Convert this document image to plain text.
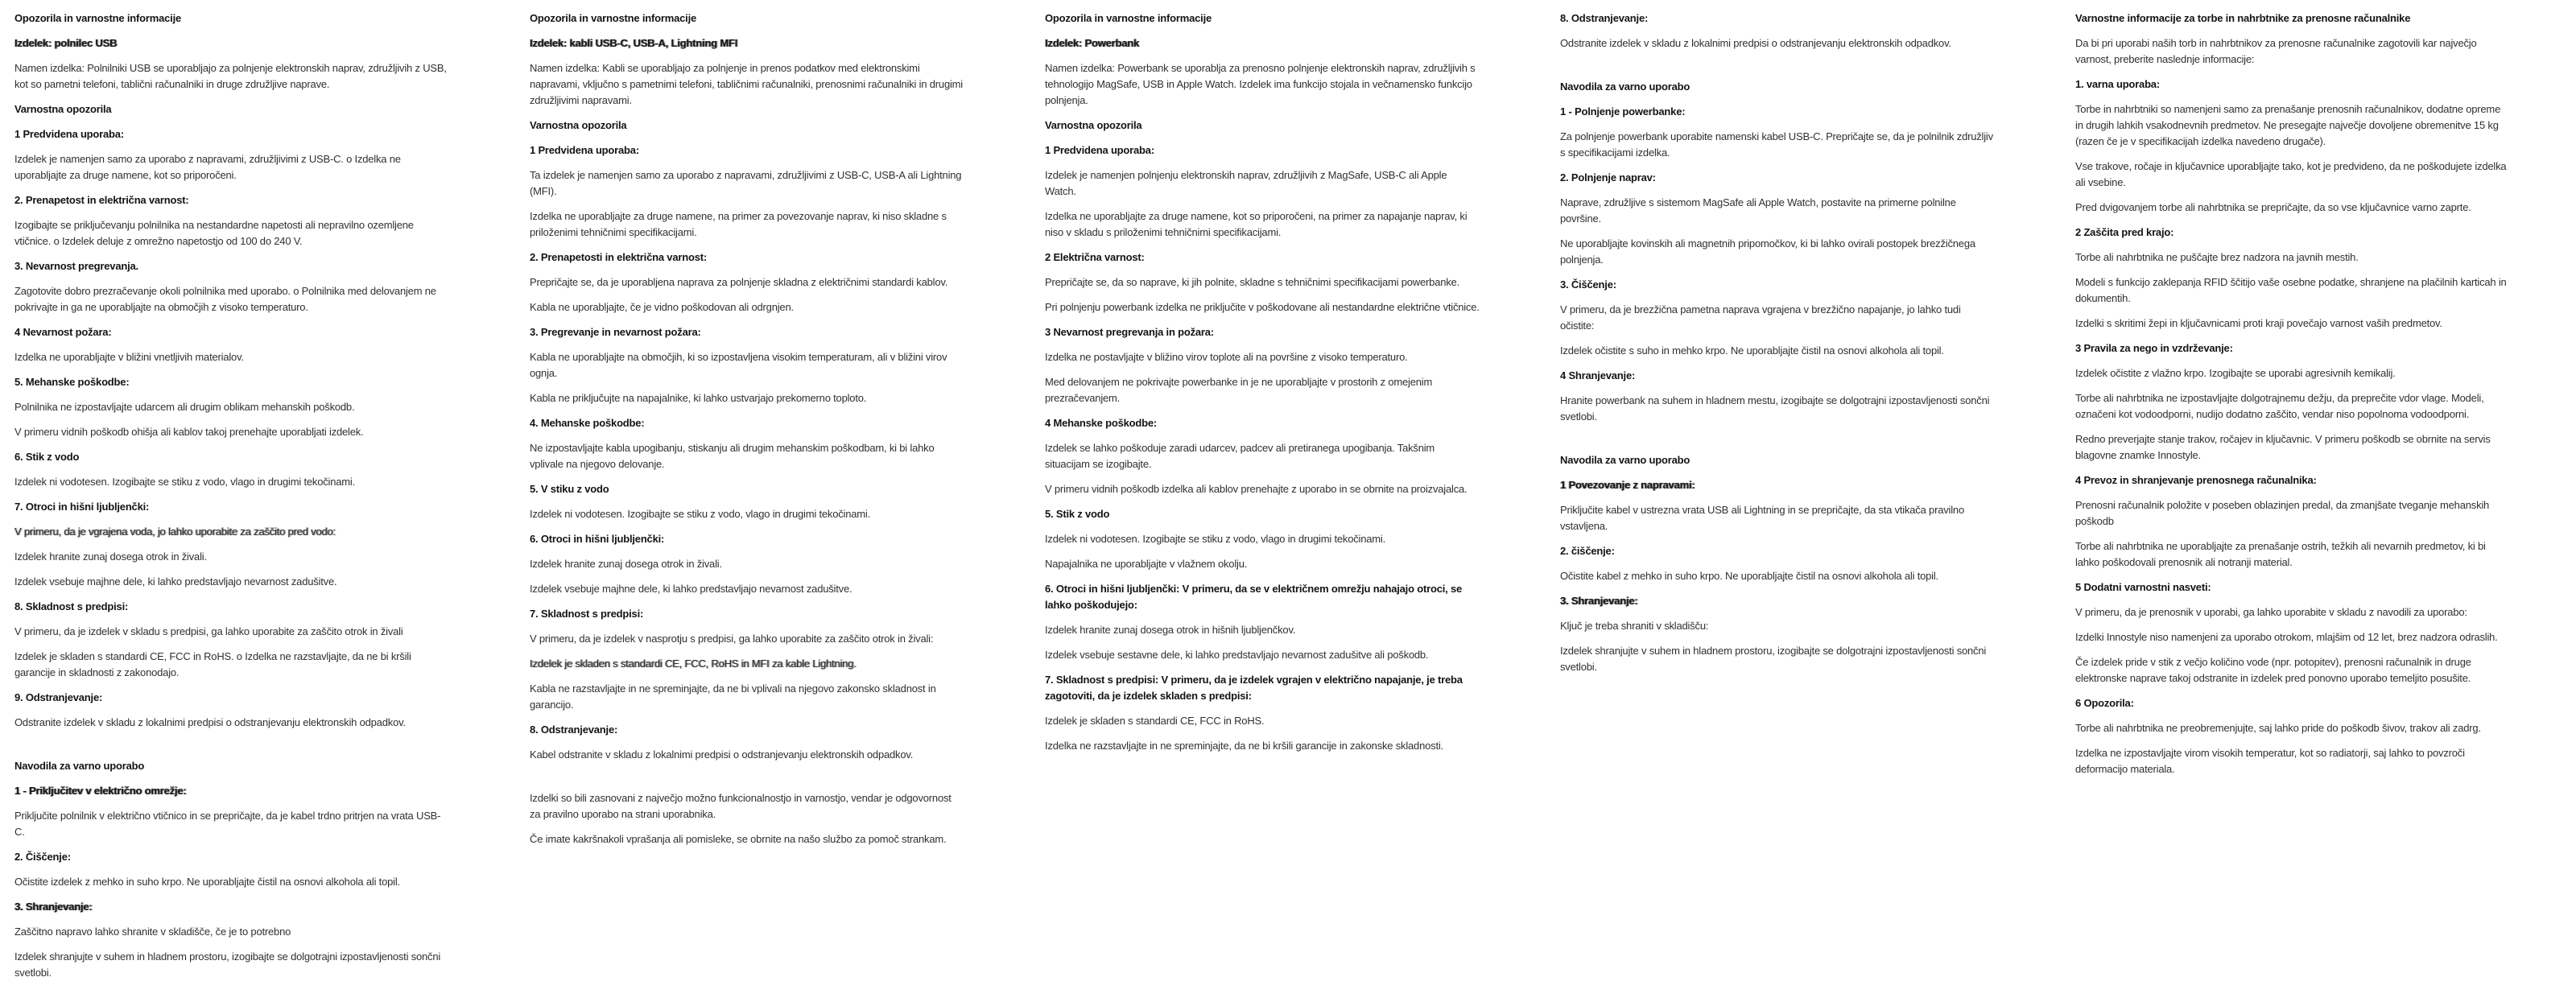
Opozorila in varnostne informacije
Izdelek: polnilec USB
Namen izdelka: Polnilniki USB se uporabljajo za polnjenje elektronskih naprav, združljivih z USB, kot so pametni telefoni, tablični računalniki in druge združljive naprave.
Varnostna opozorila
1 Predvidena uporaba:
Izdelek je namenjen samo za uporabo z napravami, združljivimi z USB-C. o Izdelka ne uporabljajte za druge namene, kot so priporočeni.
2. Prenapetost in električna varnost:
Izogibajte se priključevanju polnilnika na nestandardne napetosti ali nepravilno ozemljene vtičnice. o Izdelek deluje z omrežno napetostjo od 100 do 240 V.
3. Nevarnost pregrevanja.
Zagotovite dobro prezračevanje okoli polnilnika med uporabo. o Polnilnika med delovanjem ne pokrivajte in ga ne uporabljajte na območjih z visoko temperaturo.
4 Nevarnost požara:
Izdelka ne uporabljajte v bližini vnetljivih materialov.
5. Mehanske poškodbe:
Polnilnika ne izpostavljajte udarcem ali drugim oblikam mehanskih poškodb.
V primeru vidnih poškodb ohišja ali kablov takoj prenehajte uporabljati izdelek.
6. Stik z vodo
Izdelek ni vodotesen. Izogibajte se stiku z vodo, vlago in drugimi tekočinami.
7. Otroci in hišni ljubljenčki:
V primeru, da je vgrajena voda, jo lahko uporabite za zaščito pred vodo:
Izdelek hranite zunaj dosega otrok in živali.
Izdelek vsebuje majhne dele, ki lahko predstavljajo nevarnost zadušitve.
8. Skladnost s predpisi:
V primeru, da je izdelek v skladu s predpisi, ga lahko uporabite za zaščito otrok in živali
Izdelek je skladen s standardi CE, FCC in RoHS. o Izdelka ne razstavljajte, da ne bi kršili garancije in skladnosti z zakonodajo.
9. Odstranjevanje:
Odstranite izdelek v skladu z lokalnimi predpisi o odstranjevanju elektronskih odpadkov.
Navodila za varno uporabo
1 - Priključitev v električno omrežje:
Priključite polnilnik v električno vtičnico in se prepričajte, da je kabel trdno pritrjen na vrata USB-C.
2. Čiščenje:
Očistite izdelek z mehko in suho krpo. Ne uporabljajte čistil na osnovi alkohola ali topil.
3. Shranjevanje:
Zaščitno napravo lahko shranite v skladišče, če je to potrebno
Izdelek shranjujte v suhem in hladnem prostoru, izogibajte se dolgotrajni izpostavljenosti sončni svetlobi.
Opozorila in varnostne informacije
Izdelek: kabli USB-C, USB-A, Lightning MFI
Namen izdelka: Kabli se uporabljajo za polnjenje in prenos podatkov med elektronskimi napravami, vključno s pametnimi telefoni, tabličnimi računalniki, prenosnimi računalniki in drugimi združljivimi napravami.
Varnostna opozorila
1 Predvidena uporaba:
Ta izdelek je namenjen samo za uporabo z napravami, združljivimi z USB-C, USB-A ali Lightning (MFI).
Izdelka ne uporabljajte za druge namene, na primer za povezovanje naprav, ki niso skladne s priloženimi tehničnimi specifikacijami.
2. Prenapetosti in električna varnost:
Prepričajte se, da je uporabljena naprava za polnjenje skladna z električnimi standardi kablov.
Kabla ne uporabljajte, če je vidno poškodovan ali odrgnjen.
3. Pregrevanje in nevarnost požara:
Kabla ne uporabljajte na območjih, ki so izpostavljena visokim temperaturam, ali v bližini virov ognja.
Kabla ne priključujte na napajalnike, ki lahko ustvarjajo prekomerno toploto.
4. Mehanske poškodbe:
Ne izpostavljajte kabla upogibanju, stiskanju ali drugim mehanskim poškodbam, ki bi lahko vplivale na njegovo delovanje.
5. V stiku z vodo
Izdelek ni vodotesen. Izogibajte se stiku z vodo, vlago in drugimi tekočinami.
6. Otroci in hišni ljubljenčki:
Izdelek hranite zunaj dosega otrok in živali.
Izdelek vsebuje majhne dele, ki lahko predstavljajo nevarnost zadušitve.
7. Skladnost s predpisi:
V primeru, da je izdelek v nasprotju s predpisi, ga lahko uporabite za zaščito otrok in živali:
Izdelek je skladen s standardi CE, FCC, RoHS in MFI za kable Lightning.
Kabla ne razstavljajte in ne spreminjajte, da ne bi vplivali na njegovo zakonsko skladnost in garancijo.
8. Odstranjevanje:
Kabel odstranite v skladu z lokalnimi predpisi o odstranjevanju elektronskih odpadkov.
Izdelki so bili zasnovani z največjo možno funkcionalnostjo in varnostjo, vendar je odgovornost za pravilno uporabo na strani uporabnika.
Če imate kakršnakoli vprašanja ali pomisleke, se obrnite na našo službo za pomoč strankam.
Opozorila in varnostne informacije
Izdelek: Powerbank
Namen izdelka: Powerbank se uporablja za prenosno polnjenje elektronskih naprav, združljivih s tehnologijo MagSafe, USB in Apple Watch. Izdelek ima funkcijo stojala in večnamensko funkcijo polnjenja.
Varnostna opozorila
1 Predvidena uporaba:
Izdelek je namenjen polnjenju elektronskih naprav, združljivih z MagSafe, USB-C ali Apple Watch.
Izdelka ne uporabljajte za druge namene, kot so priporočeni, na primer za napajanje naprav, ki niso v skladu s priloženimi tehničnimi specifikacijami.
2 Električna varnost:
Prepričajte se, da so naprave, ki jih polnite, skladne s tehničnimi specifikacijami powerbanke.
Pri polnjenju powerbank izdelka ne priključite v poškodovane ali nestandardne električne vtičnice.
3 Nevarnost pregrevanja in požara:
Izdelka ne postavljajte v bližino virov toplote ali na površine z visoko temperaturo.
Med delovanjem ne pokrivajte powerbanke in je ne uporabljajte v prostorih z omejenim prezračevanjem.
4 Mehanske poškodbe:
Izdelek se lahko poškoduje zaradi udarcev, padcev ali pretiranega upogibanja. Takšnim situacijam se izogibajte.
V primeru vidnih poškodb izdelka ali kablov prenehajte z uporabo in se obrnite na proizvajalca.
5. Stik z vodo
Izdelek ni vodotesen. Izogibajte se stiku z vodo, vlago in drugimi tekočinami.
Napajalnika ne uporabljajte v vlažnem okolju.
6. Otroci in hišni ljubljenčki: V primeru, da se v električnem omrežju nahajajo otroci, se lahko poškodujejo:
Izdelek hranite zunaj dosega otrok in hišnih ljubljenčkov.
Izdelek vsebuje sestavne dele, ki lahko predstavljajo nevarnost zadušitve ali poškodb.
7. Skladnost s predpisi: V primeru, da je izdelek vgrajen v električno napajanje, je treba zagotoviti, da je izdelek skladen s predpisi:
Izdelek je skladen s standardi CE, FCC in RoHS.
Izdelka ne razstavljajte in ne spreminjajte, da ne bi kršili garancije in zakonske skladnosti.
8. Odstranjevanje:
Odstranite izdelek v skladu z lokalnimi predpisi o odstranjevanju elektronskih odpadkov.
Navodila za varno uporabo
1 - Polnjenje powerbanke:
Za polnjenje powerbank uporabite namenski kabel USB-C. Prepričajte se, da je polnilnik združljiv s specifikacijami izdelka.
2. Polnjenje naprav:
Naprave, združljive s sistemom MagSafe ali Apple Watch, postavite na primerne polnilne površine.
Ne uporabljajte kovinskih ali magnetnih pripomočkov, ki bi lahko ovirali postopek brezžičnega polnjenja.
3. Čiščenje:
V primeru, da je brezžična pametna naprava vgrajena v brezžično napajanje, jo lahko tudi očistite:
Izdelek očistite s suho in mehko krpo. Ne uporabljajte čistil na osnovi alkohola ali topil.
4 Shranjevanje:
Hranite powerbank na suhem in hladnem mestu, izogibajte se dolgotrajni izpostavljenosti sončni svetlobi.
Navodila za varno uporabo
1 Povezovanje z napravami:
Priključite kabel v ustrezna vrata USB ali Lightning in se prepričajte, da sta vtikača pravilno vstavljena.
2. čiščenje:
Očistite kabel z mehko in suho krpo. Ne uporabljajte čistil na osnovi alkohola ali topil.
3. Shranjevanje:
Ključ je treba shraniti v skladišču:
Izdelek shranjujte v suhem in hladnem prostoru, izogibajte se dolgotrajni izpostavljenosti sončni svetlobi.
Varnostne informacije za torbe in nahrbtnike za prenosne računalnike
Da bi pri uporabi naših torb in nahrbtnikov za prenosne računalnike zagotovili kar največjo varnost, preberite naslednje informacije:
1. varna uporaba:
Torbe in nahrbtniki so namenjeni samo za prenašanje prenosnih računalnikov, dodatne opreme in drugih lahkih vsakodnevnih predmetov. Ne presegajte največje dovoljene obremenitve 15 kg (razen če je v specifikacijah izdelka navedeno drugače).
Vse trakove, ročaje in ključavnice uporabljajte tako, kot je predvideno, da ne poškodujete izdelka ali vsebine.
Pred dvigovanjem torbe ali nahrbtnika se prepričajte, da so vse ključavnice varno zaprte.
2 Zaščita pred krajo:
Torbe ali nahrbtnika ne puščajte brez nadzora na javnih mestih.
Modeli s funkcijo zaklepanja RFID ščitijo vaše osebne podatke, shranjene na plačilnih karticah in dokumentih.
Izdelki s skritimi žepi in ključavnicami proti kraji povečajo varnost vaših predmetov.
3 Pravila za nego in vzdrževanje:
Izdelek očistite z vlažno krpo. Izogibajte se uporabi agresivnih kemikalij.
Torbe ali nahrbtnika ne izpostavljajte dolgotrajnemu dežju, da preprečite vdor vlage. Modeli, označeni kot vodoodporni, nudijo dodatno zaščito, vendar niso popolnoma vodoodporni.
Redno preverjajte stanje trakov, ročajev in ključavnic. V primeru poškodb se obrnite na servis blagovne znamke Innostyle.
4 Prevoz in shranjevanje prenosnega računalnika:
Prenosni računalnik položite v poseben oblazinjen predal, da zmanjšate tveganje mehanskih poškodb
Torbe ali nahrbtnika ne uporabljajte za prenašanje ostrih, težkih ali nevarnih predmetov, ki bi lahko poškodovali prenosnik ali notranji material.
5 Dodatni varnostni nasveti:
V primeru, da je prenosnik v uporabi, ga lahko uporabite v skladu z navodili za uporabo:
Izdelki Innostyle niso namenjeni za uporabo otrokom, mlajšim od 12 let, brez nadzora odraslih.
Če izdelek pride v stik z večjo količino vode (npr. potopitev), prenosni računalnik in druge elektronske naprave takoj odstranite in izdelek pred ponovno uporabo temeljito posušite.
6 Opozorila:
Torbe ali nahrbtnika ne preobremenjujte, saj lahko pride do poškodb šivov, trakov ali zadrg.
Izdelka ne izpostavljajte virom visokih temperatur, kot so radiatorji, saj lahko to povzroči deformacijo materiala.
